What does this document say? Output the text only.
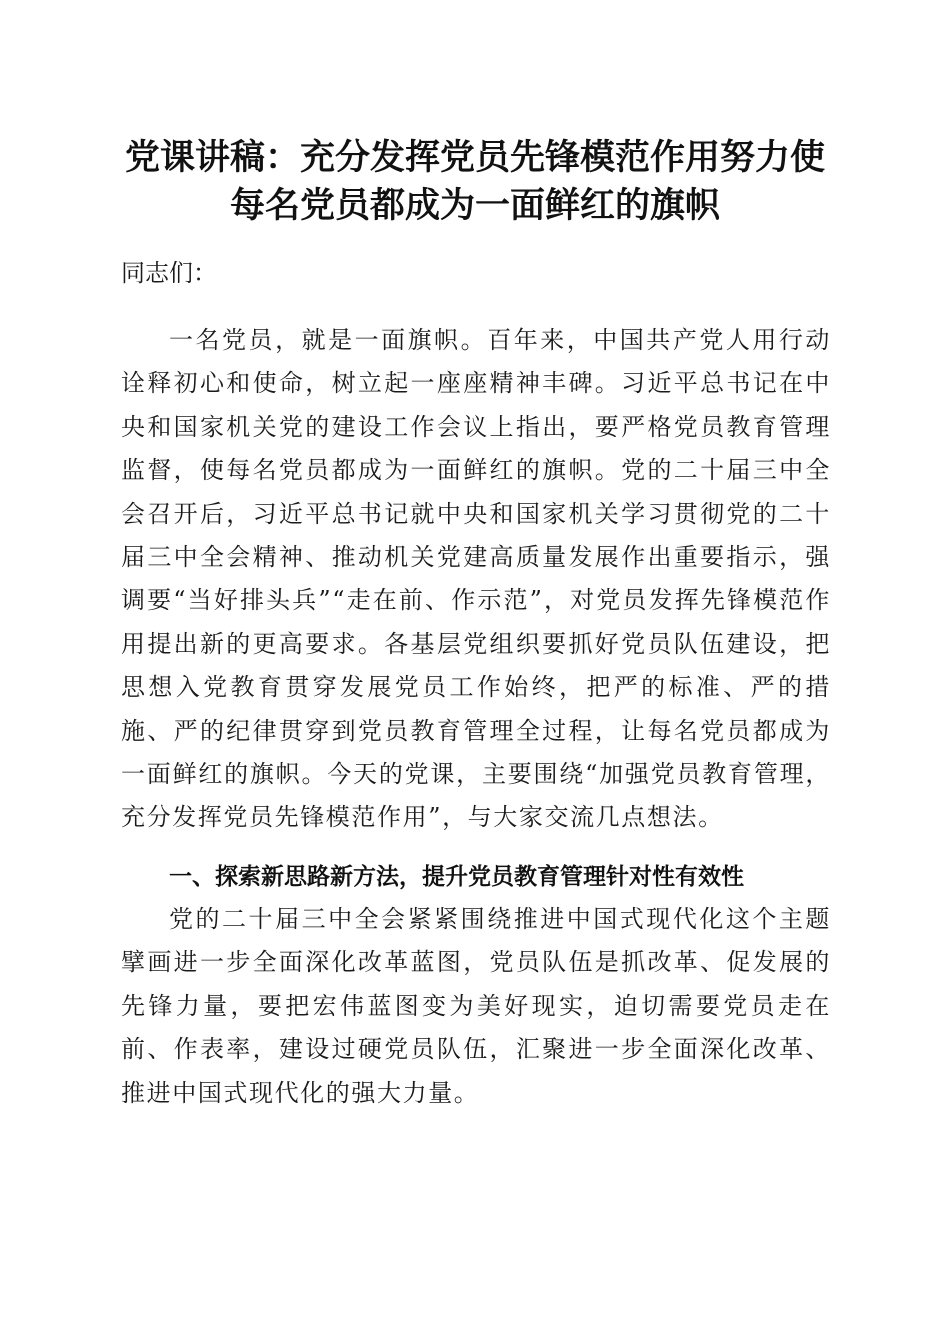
党课讲稿：充分发挥党员先锋模范作用努力使
每名党员都成为一面鲜红的旗帜
同志们：
一名党员，就是一面旗帜。百年来，中国共产党人用行动诠释初心和使命，树立起一座座精神丰碑。习近平总书记在中央和国家机关党的建设工作会议上指出，要严格党员教育管理监督，使每名党员都成为一面鲜红的旗帜。党的二十届三中全会召开后，习近平总书记就中央和国家机关学习贯彻党的二十届三中全会精神、推动机关党建高质量发展作出重要指示，强调要“当好排头兵”“走在前、作示范”，对党员发挥先锋模范作用提出新的更高要求。各基层党组织要抓好党员队伍建设，把思想入党教育贯穿发展党员工作始终，把严的标准、严的措施、严的纪律贯穿到党员教育管理全过程，让每名党员都成为一面鲜红的旗帜。今天的党课，主要围绕“加强党员教育管理，充分发挥党员先锋模范作用”，与大家交流几点想法。
一、探索新思路新方法，提升党员教育管理针对性有效性
党的二十届三中全会紧紧围绕推进中国式现代化这个主题擘画进一步全面深化改革蓝图，党员队伍是抓改革、促发展的先锋力量，要把宏伟蓝图变为美好现实，迫切需要党员走在前、作表率，建设过硬党员队伍，汇聚进一步全面深化改革、推进中国式现代化的强大力量。
